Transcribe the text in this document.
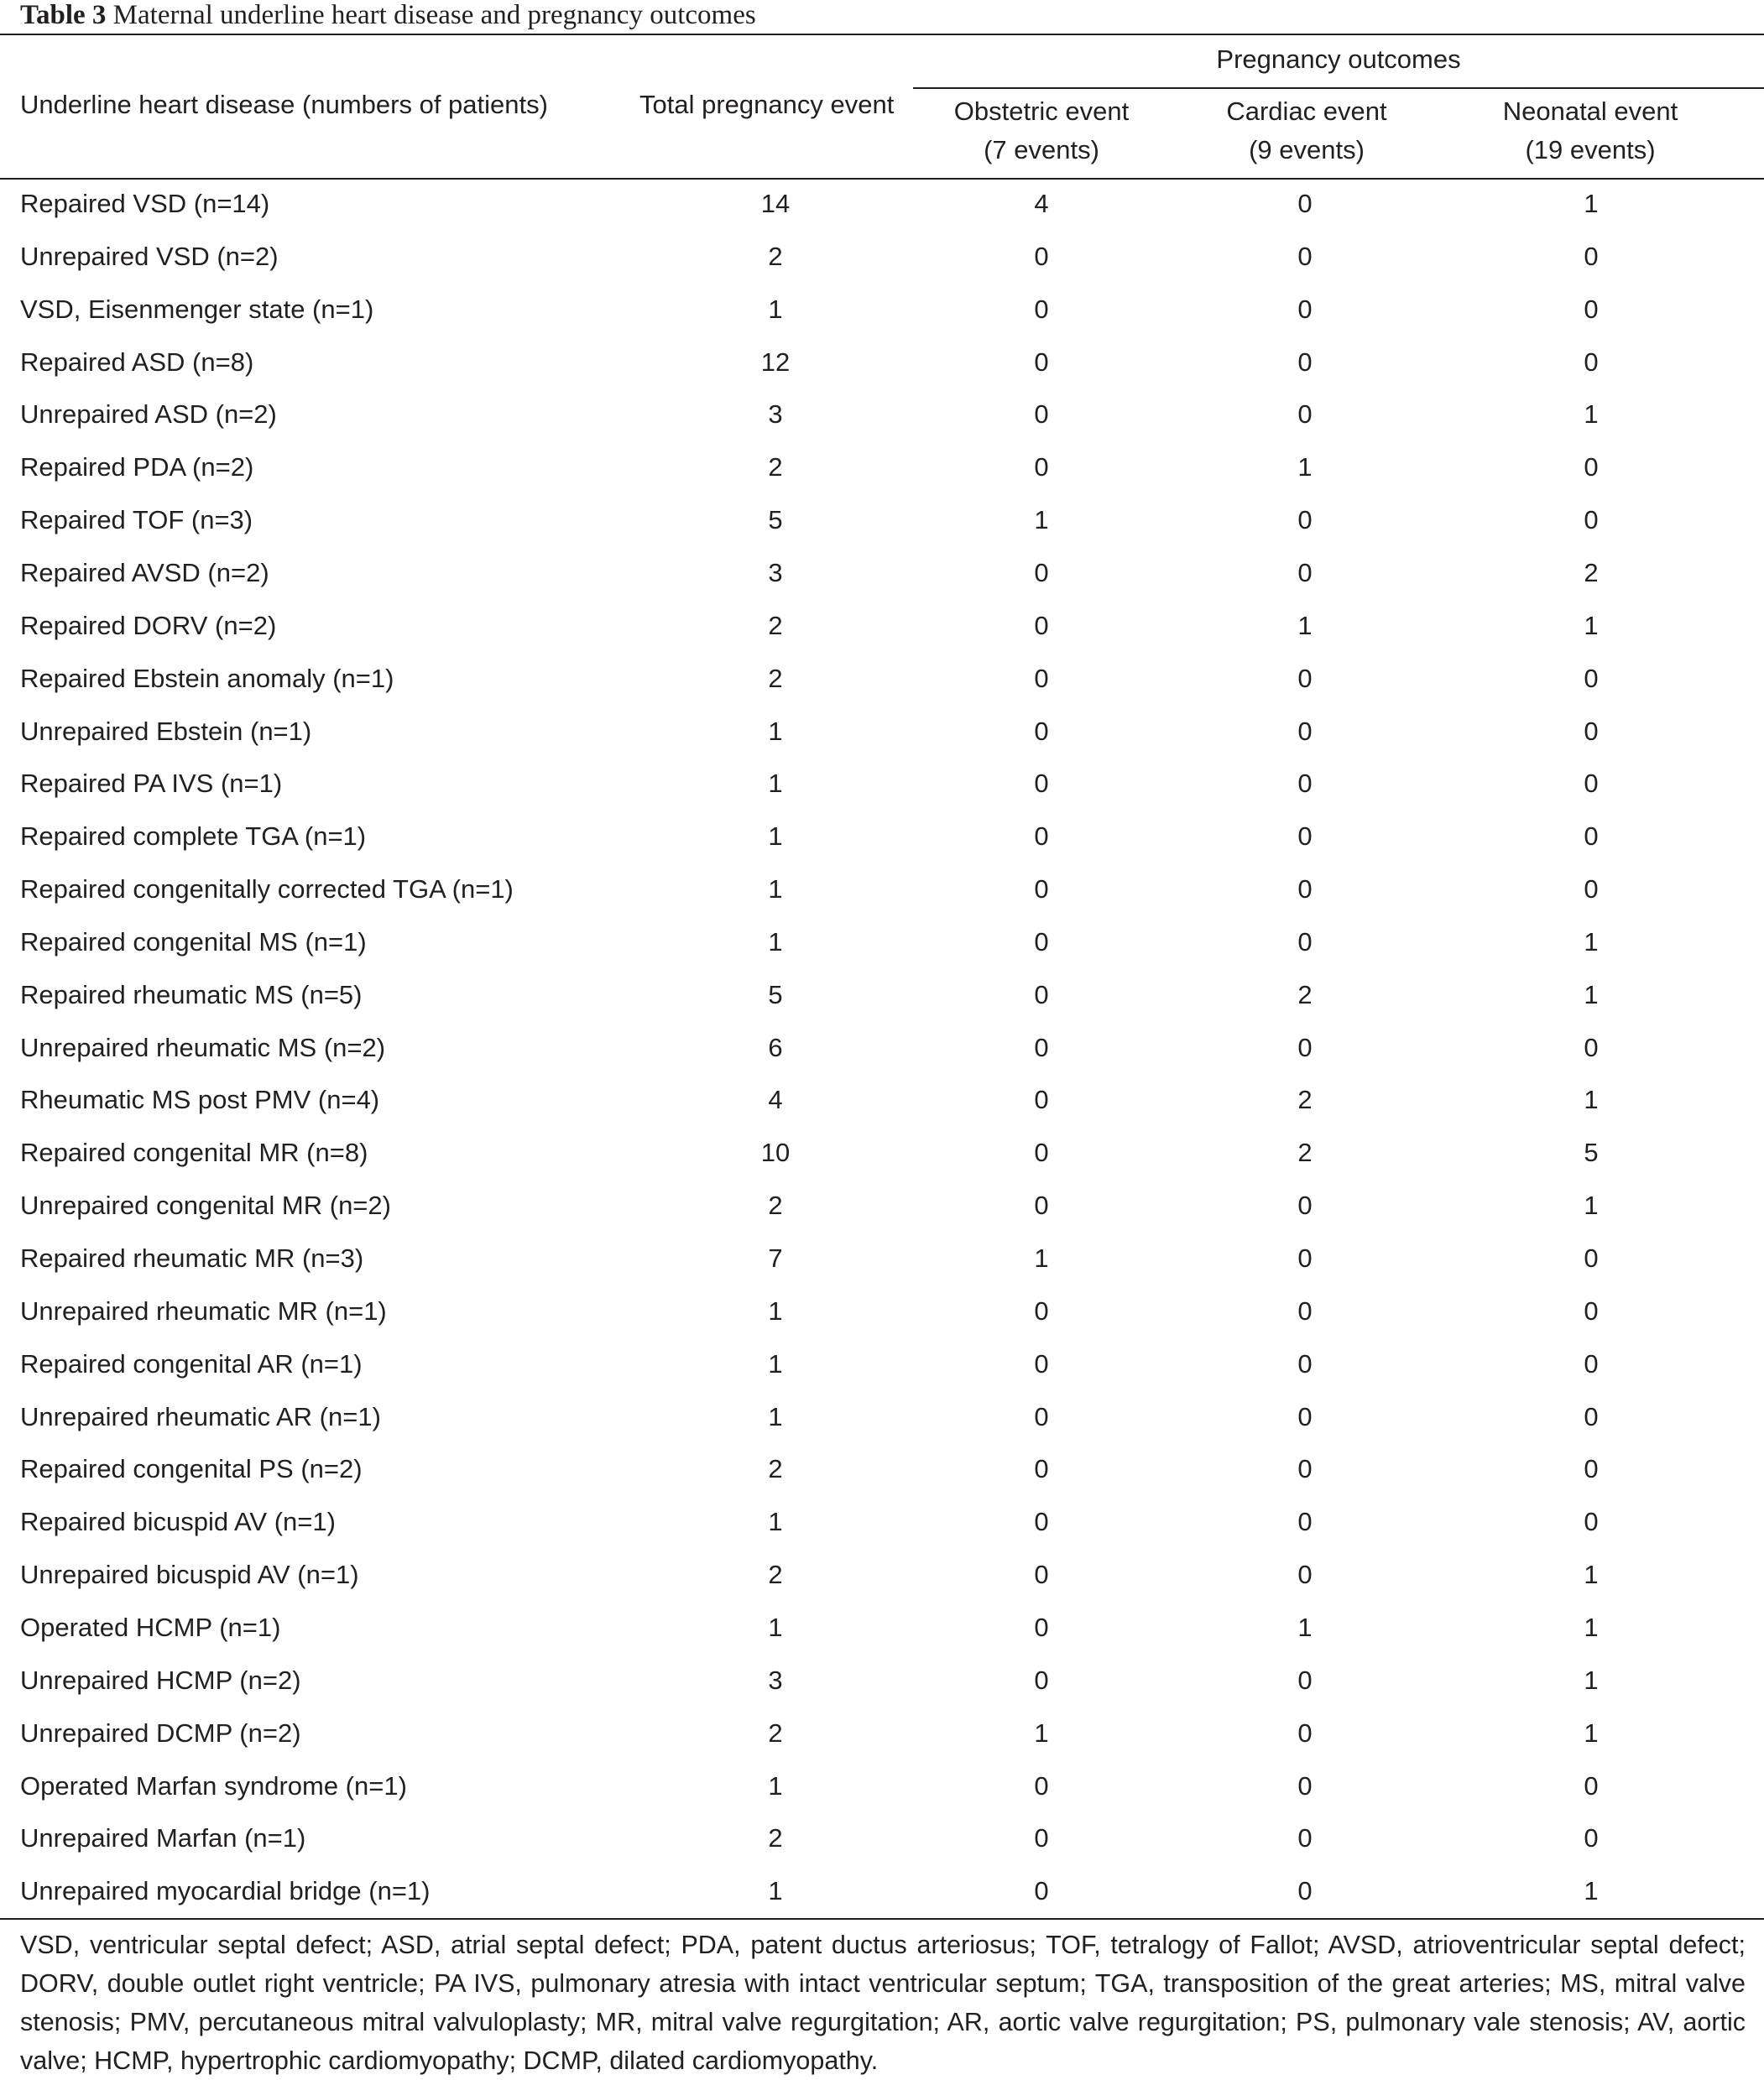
Table 3 Maternal underline heart disease and pregnancy outcomes
Underline heart disease (numbers of patients)	Total pregnancy event
Pregnancy outcomes
Obstetric event
(7 events)
Cardiac event
(9 events)
Neonatal event
(19 events)
Repaired VSD (n=14)	14	4	0	1
Unrepaired VSD (n=2)	2	0	0	0
VSD, Eisenmenger state (n=1)	1	0	0	0
Repaired ASD (n=8)	12	0	0	0
Unrepaired ASD (n=2)	3	0	0	1
Repaired PDA (n=2)	2	0	1	0
Repaired TOF (n=3)	5	1	0	0
Repaired AVSD (n=2)	3	0	0	2
Repaired DORV (n=2)	2	0	1	1
Repaired Ebstein anomaly (n=1)	2	0	0	0
Unrepaired Ebstein (n=1)	1	0	0	0
Repaired PA IVS (n=1)	1	0	0	0
Repaired complete TGA (n=1)	1	0	0	0
Repaired congenitally corrected TGA (n=1)	1	0	0	0
Repaired congenital MS (n=1)	1	0	0	1
Repaired rheumatic MS (n=5)	5	0	2	1
Unrepaired rheumatic MS (n=2)	6	0	0	0
Rheumatic MS post PMV (n=4)	4	0	2	1
Repaired congenital MR (n=8)	10	0	2	5
Unrepaired congenital MR (n=2)	2	0	0	1
Repaired rheumatic MR (n=3)	7	1	0	0
Unrepaired rheumatic MR (n=1)	1	0	0	0
Repaired congenital AR (n=1)	1	0	0	0
Unrepaired rheumatic AR (n=1)	1	0	0	0
Repaired congenital PS (n=2)	2	0	0	0
Repaired bicuspid AV (n=1)	1	0	0	0
Unrepaired bicuspid AV (n=1)	2	0	0	1
Operated HCMP (n=1)	1	0	1	1
Unrepaired HCMP (n=2)	3	0	0	1
Unrepaired DCMP (n=2)	2	1	0	1
Operated Marfan syndrome (n=1)	1	0	0	0
Unrepaired Marfan (n=1)	2	0	0	0
Unrepaired myocardial bridge (n=1)	1	0	0	1
VSD, ventricular septal defect; ASD, atrial septal defect; PDA, patent ductus arteriosus; TOF, tetralogy of Fallot; AVSD, atrioventricular septal defect; DORV, double outlet right ventricle; PA IVS, pulmonary atresia with intact ventricular septum; TGA, transposition of the great arteries; MS, mitral valve stenosis; PMV, percutaneous mitral valvuloplasty; MR, mitral valve regurgitation; AR, aortic valve regurgitation; PS, pulmonary vale stenosis; AV, aortic valve; HCMP, hypertrophic cardiomyopathy; DCMP, dilated cardiomyopathy.
